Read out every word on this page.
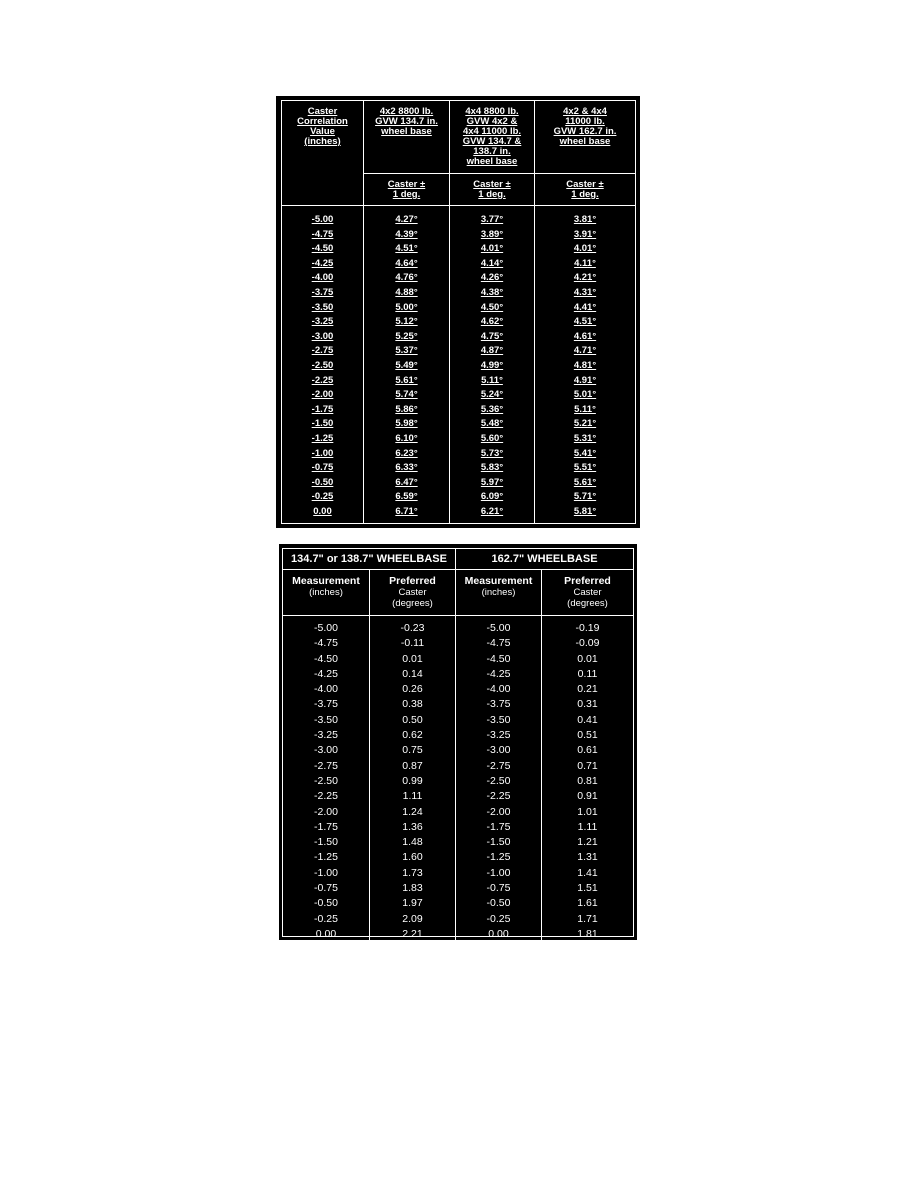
Caster
Correlation
Value
(inches)
4x2 8800 lb.
GVW 134.7 in.
wheel base
4x4 8800 lb.
GVW 4x2 &
4x4 11000 lb.
GVW 134.7 &
138.7 in.
wheel base
4x2 & 4x4
11000 lb.
GVW 162.7 in.
wheel base
Caster ±
1 deg.
Caster ±
1 deg.
Caster ±
1 deg.
-5.00
-4.75
-4.50
-4.25
-4.00
-3.75
-3.50
-3.25
-3.00
-2.75
-2.50
-2.25
-2.00
-1.75
-1.50
-1.25
-1.00
-0.75
-0.50
-0.25
0.00
4.27°
4.39°
4.51°
4.64°
4.76°
4.88°
5.00°
5.12°
5.25°
5.37°
5.49°
5.61°
5.74°
5.86°
5.98°
6.10°
6.23°
6.33°
6.47°
6.59°
6.71°
3.77°
3.89°
4.01°
4.14°
4.26°
4.38°
4.50°
4.62°
4.75°
4.87°
4.99°
5.11°
5.24°
5.36°
5.48°
5.60°
5.73°
5.83°
5.97°
6.09°
6.21°
3.81°
3.91°
4.01°
4.11°
4.21°
4.31°
4.41°
4.51°
4.61°
4.71°
4.81°
4.91°
5.01°
5.11°
5.21°
5.31°
5.41°
5.51°
5.61°
5.71°
5.81°
134.7" or 138.7" WHEELBASE	162.7" WHEELBASE
Measurement
(inches)
-5.00
-4.75
-4.50
-4.25
-4.00
-3.75
-3.50
-3.25
-3.00
-2.75
-2.50
-2.25
-2.00
-1.75
-1.50
-1.25
-1.00
-0.75
-0.50
-0.25
0.00
Preferred
Caster
(degrees)
-0.23
-0.11
0.01
0.14
0.26
0.38
0.50
0.62
0.75
0.87
0.99
1.11
1.24
1.36
1.48
1.60
1.73
1.83
1.97
2.09
2.21
Measurement
(inches)
-5.00
-4.75
-4.50
-4.25
-4.00
-3.75
-3.50
-3.25
-3.00
-2.75
-2.50
-2.25
-2.00
-1.75
-1.50
-1.25
-1.00
-0.75
-0.50
-0.25
0.00
Preferred
Caster
(degrees)
-0.19
-0.09
0.01
0.11
0.21
0.31
0.41
0.51
0.61
0.71
0.81
0.91
1.01
1.11
1.21
1.31
1.41
1.51
1.61
1.71
1.81
